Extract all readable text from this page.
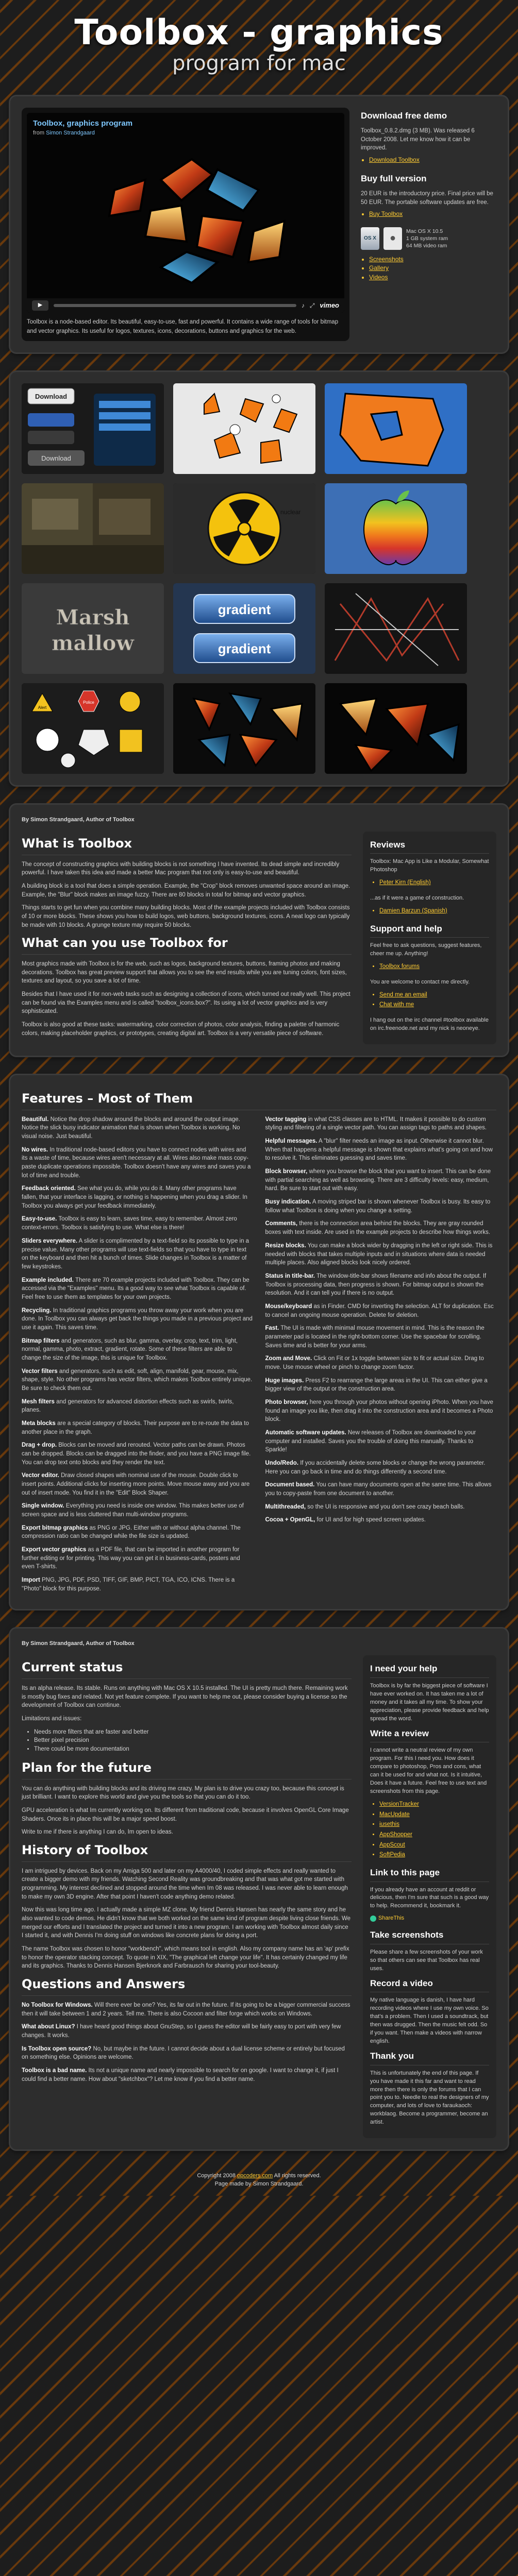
Toolbox - graphics
program for mac
Toolbox, graphics program
from Simon Strandgaard
▶	♪ ⤢ vimeo
Toolbox is a node-based editor. Its beautiful, easy-to-use, fast and powerful. It contains a wide range of tools for bitmap and vector graphics. Its useful for logos, textures, icons, decorations, buttons and graphics for the web.
Download free demo

Toolbox_0.8.2.dmg (3 MB). Was released 6 October 2008. Let me know how it can be improved.

• Download Toolbox
Buy full version

20 EUR is the introductory price. Final price will be 50 EUR. The portable software updates are free.

• Buy Toolbox
OS X	●
Mac OS X 10.5
1 GB system ram
64 MB video ram
• Screenshots
• Gallery
• Videos
Download
Download
nuclear
Marsh
mallow
gradient
gradient
Alert
Police
By Simon Strandgaard, Author of Toolbox
What is Toolbox

The concept of constructing graphics with building blocks is not something I have invented. Its dead simple and incredibly powerful. I have taken this idea and made a better Mac program that not only is easy-to-use and beautiful.

A building block is a tool that does a simple operation. Example, the "Crop" block removes unwanted space around an image. Example, the "Blur" block makes an image fuzzy. There are 80 blocks in total for bitmap and vector graphics.

Things starts to get fun when you combine many building blocks. Most of the example projects included with Toolbox consists of 10 or more blocks. These shows you how to build logos, web buttons, background textures, icons. A neat logo can typically be made with 10 blocks. A grunge texture may require 50 blocks.

What can you use Toolbox for

Most graphics made with Toolbox is for the web, such as logos, background textures, buttons, framing photos and making decorations. Toolbox has great preview support that allows you to see the end results while you are tuning colors, font sizes, textures and layout, so you save a lot of time.

Besides that I have used it for non-web tasks such as designing a collection of icons, which turned out really well. This project can be found via the Examples menu and is called "toolbox_icons.box?". Its using a lot of vector graphics and is very sophisticated.

Toolbox is also good at these tasks: watermarking, color correction of photos, color analysis, finding a palette of harmonic colors, making placeholder graphics, or prototypes, creating digital art. Toolbox is a very versatile piece of software.

Reviews

Toolbox: Mac App is Like a Modular, Somewhat Photoshop

• Peter Kirn (English)

...as if it were a game of construction.

• Damien Barzun (Spanish)
Support and help

Feel free to ask questions, suggest features, cheer me up. Anything!

• Toolbox forums

You are welcome to contact me directly.

• Send me an email
• Chat with me

I hang out on the irc channel #toolbox available on irc.freenode.net and my nick is neoneye.

Features – Most of Them

Beautiful. Notice the drop shadow around the blocks and around the output image. Notice the slick busy indicator animation that is shown when Toolbox is working. No visual noise. Just beautiful.

No wires. In traditional node-based editors you have to connect nodes with wires and its a waste of time, because wires aren't necessary at all. Wires also make mass copy-paste duplicate operations impossible. Toolbox doesn't have any wires and saves you a lot of time and trouble.

Feedback oriented. See what you do, while you do it. Many other programs have fallen, that your interface is lagging, or nothing is happening when you drag a slider. In Toolbox you always get your feedback immediately.

Easy-to-use. Toolbox is easy to learn, saves time, easy to remember. Almost zero context-errors. Toolbox is satisfying to use. What else is there!

Sliders everywhere. A slider is complimented by a text-field so its possible to type in a precise value. Many other programs will use text-fields so that you have to type in text on the keyboard and then hit a bunch of times. Slide changes in Toolbox is a matter of few keystrokes.

Example included. There are 70 example projects included with Toolbox. They can be accessed via the "Examples" menu. Its a good way to see what Toolbox is capable of. Feel free to use them as templates for your own projects.

Recycling. In traditional graphics programs you throw away your work when you are done. In Toolbox you can always get back the things you made in a previous project and use it again. This saves time.

Bitmap filters and generators, such as blur, gamma, overlay, crop, text, trim, light, normal, gamma, photo, extract, gradient, rotate. Some of these filters are able to change the size of the image, this is unique for Toolbox.

Vector filters and generators, such as edit, soft, align, manifold, gear, mouse, mix, shape, style. No other programs has vector filters, which makes Toolbox entirely unique. Be sure to check them out.

Mesh filters and generators for advanced distortion effects such as swirls, twirls, planes.

Meta blocks are a special category of blocks. Their purpose are to re-route the data to another place in the graph.

Drag + drop. Blocks can be moved and rerouted. Vector paths can be drawn. Photos can be dropped. Blocks can be dragged into the finder, and you have a PNG image file. You can drop text onto blocks and they render the text.

Vector editor. Draw closed shapes with nominal use of the mouse. Double click to insert points. Additional clicks for inserting more points. Move mouse away and you are out of insert mode. You find it in the "Edit" Block Shaper.

Single window. Everything you need is inside one window. This makes better use of screen space and is less cluttered than multi-window programs.

Export bitmap graphics as PNG or JPG. Either with or without alpha channel. The compression ratio can be changed while the file size is updated.

Export vector graphics as a PDF file, that can be imported in another program for further editing or for printing. This way you can get it in business-cards, posters and even T-shirts.

Import PNG, JPG, PDF, PSD, TIFF, GIF, BMP, PICT, TGA, ICO, ICNS. There is a "Photo" block for this purpose.

Vector tagging in what CSS classes are to HTML. It makes it possible to do custom styling and filtering of a single vector path. You can assign tags to paths and shapes.

Helpful messages. A "blur" filter needs an image as input. Otherwise it cannot blur. When that happens a helpful message is shown that explains what's going on and how to resolve it. This eliminates guessing and saves time.

Block browser, where you browse the block that you want to insert. This can be done with partial searching as well as browsing. There are 3 difficulty levels: easy, medium, hard. Be sure to start out with easy.

Busy indication. A moving striped bar is shown whenever Toolbox is busy. Its easy to follow what Toolbox is doing when you change a setting.

Comments, there is the connection area behind the blocks. They are gray rounded boxes with text inside. Are used in the example projects to describe how things works.

Resize blocks. You can make a block wider by dragging in the left or right side. This is needed with blocks that takes multiple inputs and in situations where data is needed multiple places. Also aligned blocks look nicely ordered.

Status in title-bar. The window-title-bar shows filename and info about the output. If Toolbox is processing data, then progress is shown. For bitmap output is shown the resolution. And it can tell you if there is no output.

Mouse/keyboard as in Finder. CMD for inverting the selection. ALT for duplication. Esc to cancel an ongoing mouse operation. Delete for deletion.

Fast. The UI is made with minimal mouse movement in mind. This is the reason the parameter pad is located in the right-bottom corner. Use the spacebar for scrolling. Saves time and is better for your arms.

Zoom and Move. Click on Fit or 1x toggle between size to fit or actual size. Drag to move. Use mouse wheel or pinch to change zoom factor.

Huge images. Press F2 to rearrange the large areas in the UI. This can either give a bigger view of the output or the construction area.

Photo browser, here you through your photos without opening iPhoto. When you have found an image you like, then drag it into the construction area and it becomes a Photo block.

Automatic software updates. New releases of Toolbox are downloaded to your computer and installed. Saves you the trouble of doing this manually. Thanks to Sparkle!

Undo/Redo. If you accidentally delete some blocks or change the wrong parameter. Here you can go back in time and do things differently a second time.

Document based. You can have many documents open at the same time. This allows you to copy-paste from one document to another.

Multithreaded, so the UI is responsive and you don't see crazy beach balls.

Cocoa + OpenGL, for UI and for high speed screen updates.

By Simon Strandgaard, Author of Toolbox
Current status

Its an alpha release. Its stable. Runs on anything with Mac OS X 10.5 installed. The UI is pretty much there. Remaining work is mostly bug fixes and related. Not yet feature complete. If you want to help me out, please consider buying a license so the development of Toolbox can continue.

Limitations and issues:

• Needs more filters that are faster and better
• Better pixel precision
• There could be more documentation
Plan for the future

You can do anything with building blocks and its driving me crazy. My plan is to drive you crazy too, because this concept is just brilliant. I want to explore this world and give you the tools so that you can do it too.

GPU acceleration is what Im currently working on. Its different from traditional code, because it involves OpenGL Core Image Shaders. Once its in place this will be a major speed boost.

Write to me if there is anything I can do, Im open to ideas.

History of Toolbox

I am intrigued by devices. Back on my Amiga 500 and later on my A4000/40, I coded simple effects and really wanted to create a bigger demo with my friends. Watching Second Reality was groundbreaking and that was what got me started with programming. My interest declined and stopped around the time when Im 08 was released. I was never able to learn enough to make my own 3D engine. After that point I haven't code anything demo related.

Now this was long time ago. I actually made a simple MZ clone. My friend Dennis Hansen has nearly the same story and he also wanted to code demos. He didn't know that we both worked on the same kind of program despite living close friends. We merged our efforts and I translated the project and turned it into a new program. I am working with Toolbox almost daily since I started it, and with Dennis I'm doing stuff on windows like concrete plans for doing a port.

The name Toolbox was chosen to honor "workbench", which means tool in english. Also my company name has an 'ap' prefix to honor the operator stacking concept. To quote in XIX, "The graphical left change your life". It has certainly changed my life and its graphics. Thanks to Dennis Hansen Bjerknork and Farbrausch for sharing your tool-beauty.

Questions and Answers

No Toolbox for Windows. Will there ever be one? Yes, its far out in the future. If its going to be a bigger commercial success then it will take between 1 and 2 years. Tell me. There is also Cocoon and filter forge which works on Windows.

What about Linux? I have heard good things about GnuStep, so I guess the editor will be fairly easy to port with very few changes. It works.

Is Toolbox open source? No, but maybe in the future. I cannot decide about a dual license scheme or entirely but focused on something else. Opinions are welcome.

Toolbox is a bad name. Its not a unique name and nearly impossible to search for on google. I want to change it, if just I could find a better name. How about "sketchbox"? Let me know if you find a better name.

I need your help

Toolbox is by far the biggest piece of software I have ever worked on. It has taken me a lot of money and it takes all my time. To show your appreciation, please provide feedback and help spread the word.

Write a review

I cannot write a neutral review of my own program. For this I need you. How does it compare to photoshop, Pros and cons, what can it be used for and what not. Is it intuitive, Does it have a future. Feel free to use text and screenshots from this page.

• VersionTracker
• MacUpdate
• iusethis
• AppShopper
• AppScout
• SoftPedia
Link to this page

If you already have an account at reddit or delicious, then I'm sure that such is a good way to help. Recommend it, bookmark it.

ShareThis

Take screenshots

Please share a few screenshots of your work so that others can see that Toolbox has real uses.

Record a video

My native language is danish, I have hard recording videos where I use my own voice. So that's a problem. Then I used a soundtrack, but then was drugged. Then the music felt odd. So if you want. Then make a videos with narrow english.

Thank you

This is unfortunately the end of this page. If you have made it this far and want to read more then there is only the forums that I can point you to. Needle to real the designers of my computer, and lots of love to faraukaoch: workblaog. Become a programmer, become an artist.

Copyright 2008 opcoders.com All rights reserved.
Page made by Simon Strandgaard.
